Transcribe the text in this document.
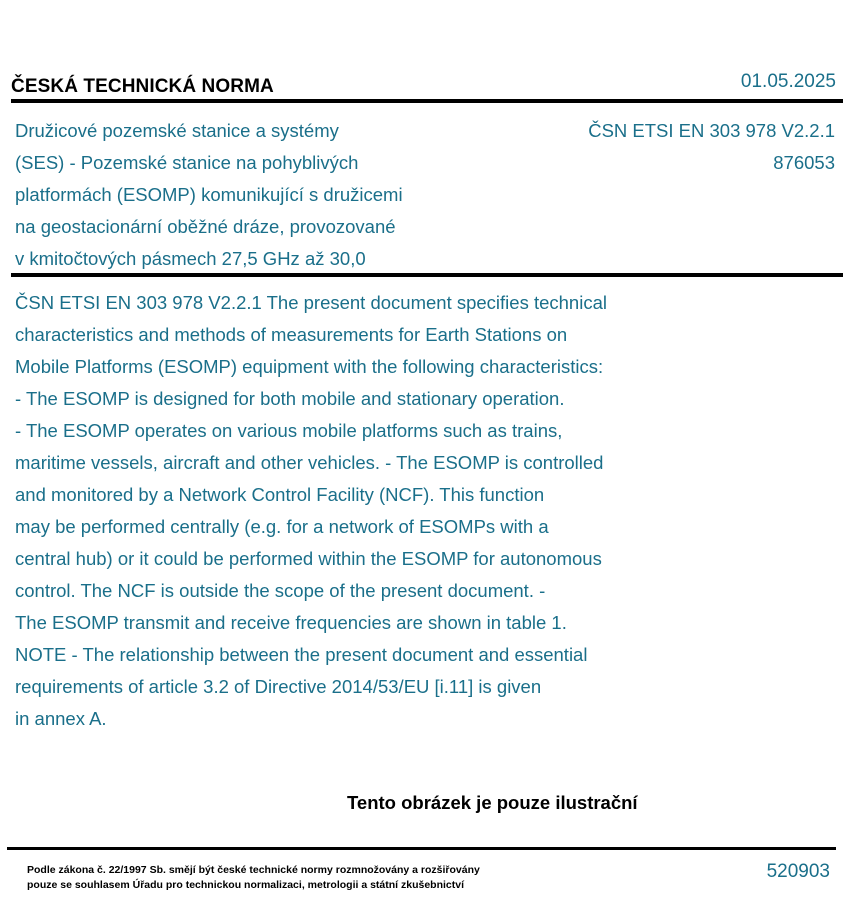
ČESKÁ TECHNICKÁ NORMA	01.05.2025
Družicové pozemské stanice a systémy
(SES) - Pozemské stanice na pohyblivých
platformách (ESOMP) komunikující s družicemi
na geostacionární oběžné dráze, provozované
v kmitočtových pásmech 27,5 GHz až 30,0
ČSN ETSI EN 303 978 V2.2.1
876053
ČSN ETSI EN 303 978 V2.2.1 The present document specifies technical
characteristics and methods of measurements for Earth Stations on
Mobile Platforms (ESOMP) equipment with the following characteristics:
- The ESOMP is designed for both mobile and stationary operation.
- The ESOMP operates on various mobile platforms such as trains,
maritime vessels, aircraft and other vehicles. - The ESOMP is controlled
and monitored by a Network Control Facility (NCF). This function
may be performed centrally (e.g. for a network of ESOMPs with a
central hub) or it could be performed within the ESOMP for autonomous
control. The NCF is outside the scope of the present document. -
The ESOMP transmit and receive frequencies are shown in table 1.
NOTE - The relationship between the present document and essential
requirements of article 3.2 of Directive 2014/53/EU [i.11] is given
in annex A.
Tento obrázek je pouze ilustrační
Podle zákona č. 22/1997 Sb. smějí být české technické normy rozmnožovány a rozšiřovány
pouze se souhlasem Úřadu pro technickou normalizaci, metrologii a státní zkušebnictví
520903
